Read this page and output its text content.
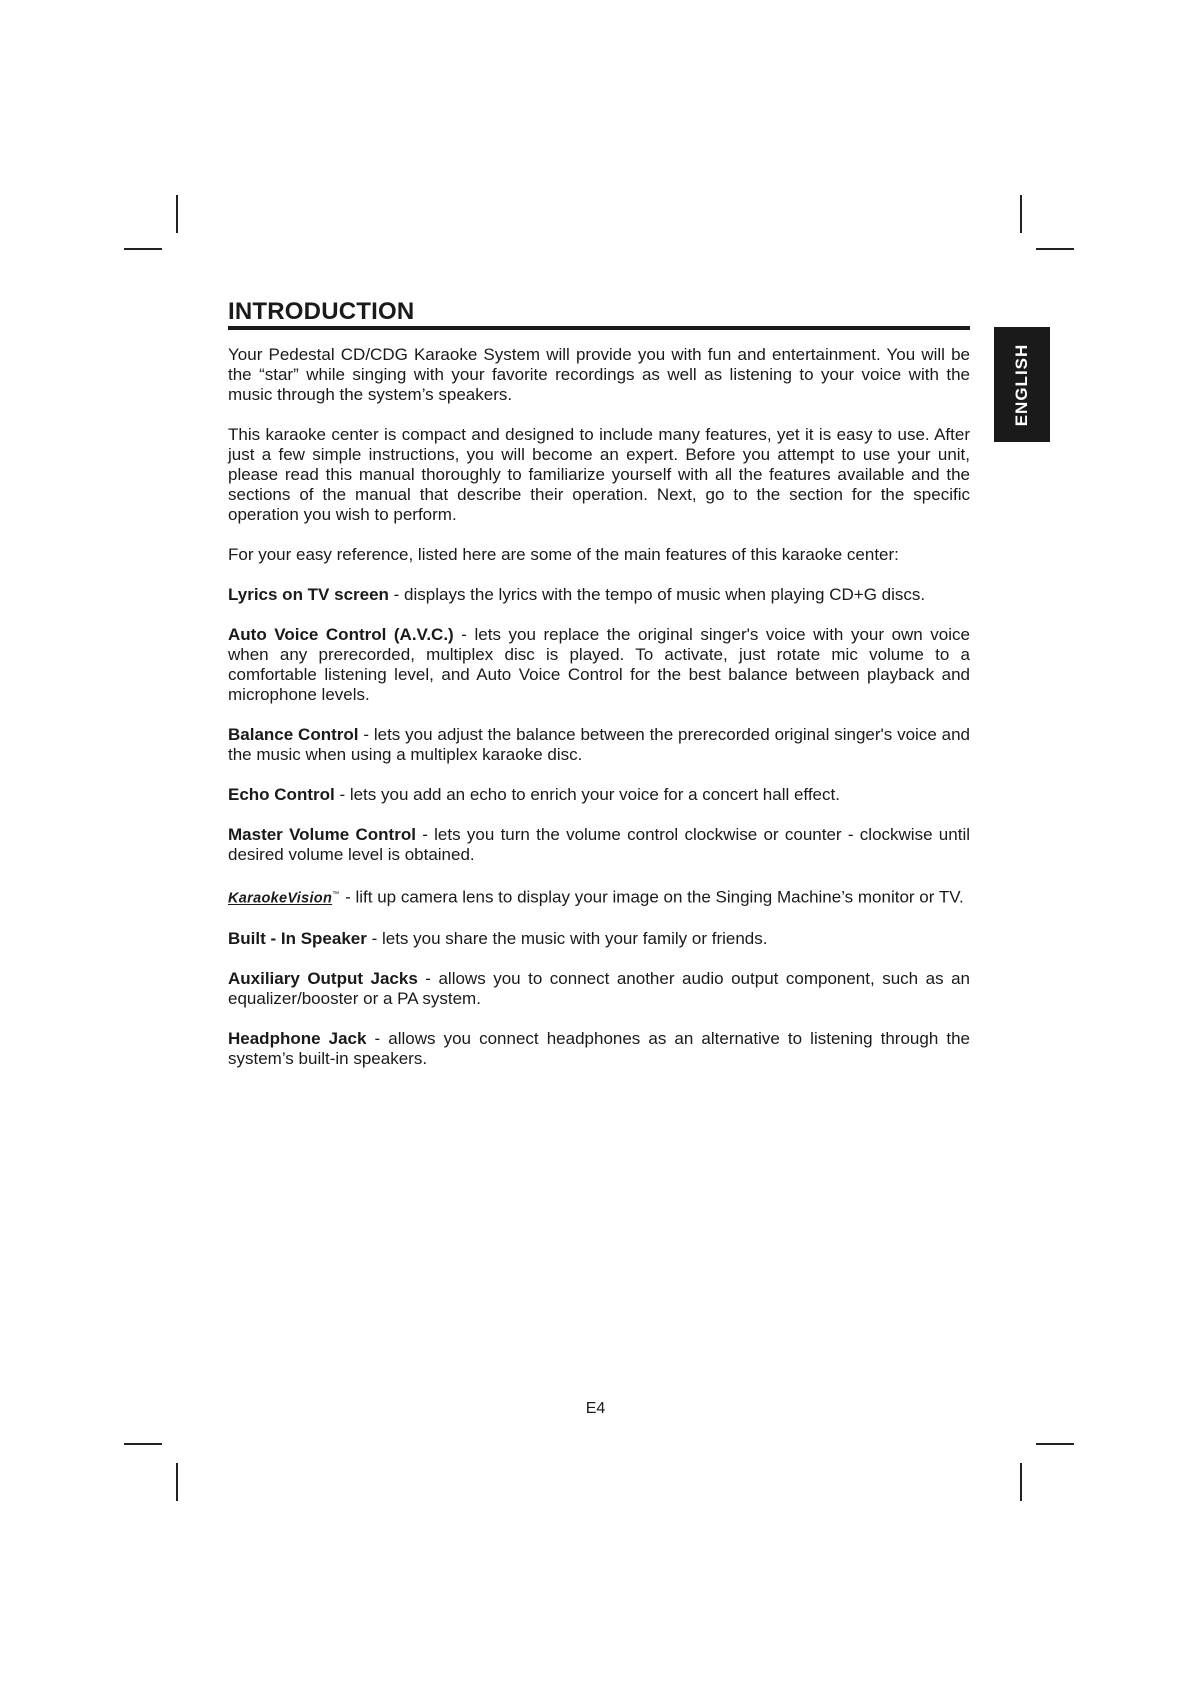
INTRODUCTION
ENGLISH

Your Pedestal CD/CDG Karaoke System will provide you with fun and entertainment. You will be the “star” while singing with your favorite recordings as well as listening to your voice with the music through the system’s speakers.

This karaoke center is compact and designed to include many features, yet it is easy to use. After just a few simple instructions, you will become an expert. Before you attempt to use your unit, please read this manual thoroughly to familiarize yourself with all the features available and the sections of the manual that describe their operation. Next, go to the section for the specific operation you wish to perform.

For your easy reference, listed here are some of the main features of this karaoke center:

Lyrics on TV screen - displays the lyrics with the tempo of music when playing CD+G discs.

Auto Voice Control (A.V.C.) - lets you replace the original singer's voice with your own voice when any prerecorded, multiplex disc is played. To activate, just rotate mic volume to a comfortable listening level, and Auto Voice Control for the best balance between playback and microphone levels.

Balance Control - lets you adjust the balance between the prerecorded original singer's voice and the music when using a multiplex karaoke disc.

Echo Control - lets you add an echo to enrich your voice for a concert hall effect.

Master Volume Control - lets you turn the volume control clockwise or counter - clockwise until desired volume level is obtained.

KaraokeVision™ - lift up camera lens to display your image on the Singing Machine’s monitor or TV.

Built - In Speaker - lets you share the music with your family or friends.

Auxiliary Output Jacks - allows you to connect another audio output component, such as an equalizer/booster or a PA system.

Headphone Jack - allows you connect headphones as an alternative to listening through the system’s built-in speakers.

E4
